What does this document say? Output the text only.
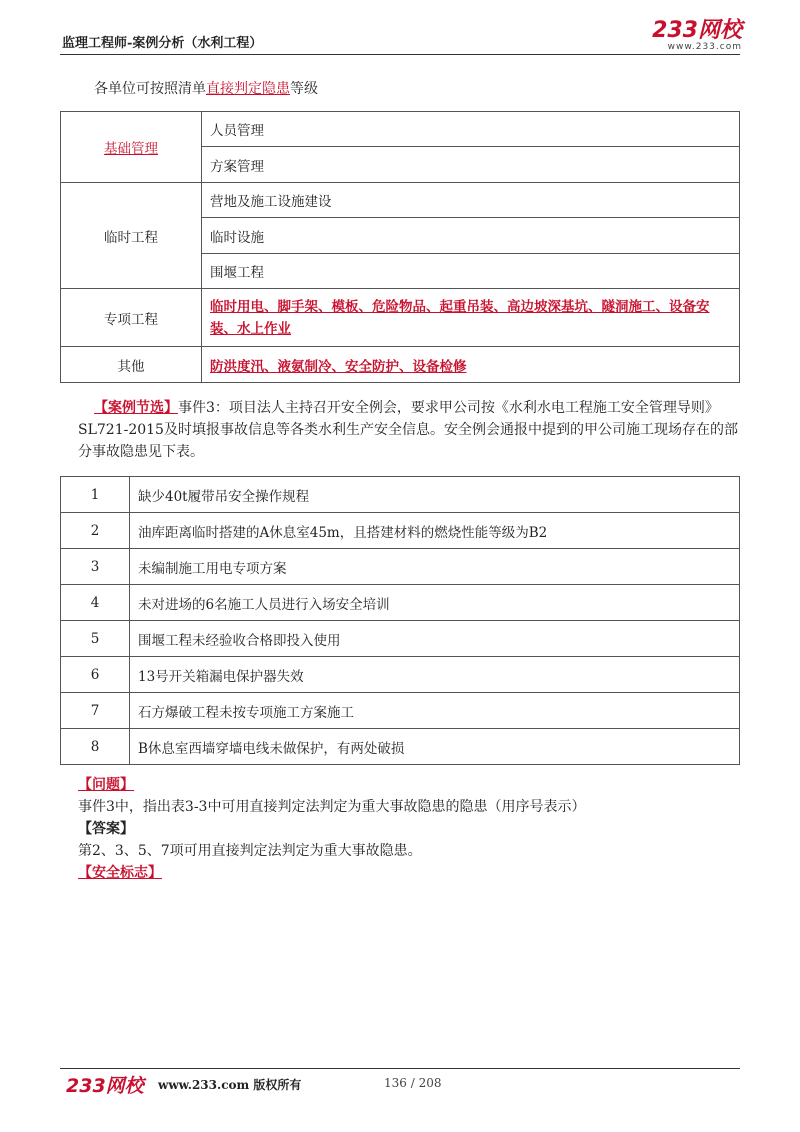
监理工程师-案例分析（水利工程）
233网校
www.233.com
各单位可按照清单直接判定隐患等级
基础管理	人员管理
	方案管理
临时工程	营地及施工设施建设
	临时设施
	围堰工程
专项工程	临时用电、脚手架、模板、危险物品、起重吊装、高边坡深基坑、隧洞施工、设备安装、水上作业
其他	防洪度汛、液氨制冷、安全防护、设备检修
【案例节选】事件3：项目法人主持召开安全例会，要求甲公司按《水利水电工程施工安全管理导则》SL721-2015及时填报事故信息等各类水利生产安全信息。安全例会通报中提到的甲公司施工现场存在的部分事故隐患见下表。
1	缺少40t履带吊安全操作规程
2	油库距离临时搭建的A休息室45m，且搭建材料的燃烧性能等级为B2
3	未编制施工用电专项方案
4	未对进场的6名施工人员进行入场安全培训
5	围堰工程未经验收合格即投入使用
6	13号开关箱漏电保护器失效
7	石方爆破工程未按专项施工方案施工
8	B休息室西墙穿墙电线未做保护，有两处破损
【问题】
事件3中，指出表3-3中可用直接判定法判定为重大事故隐患的隐患（用序号表示）
【答案】
第2、3、5、7项可用直接判定法判定为重大事故隐患。
【安全标志】
233网校 www.233.com 版权所有	136 / 208
